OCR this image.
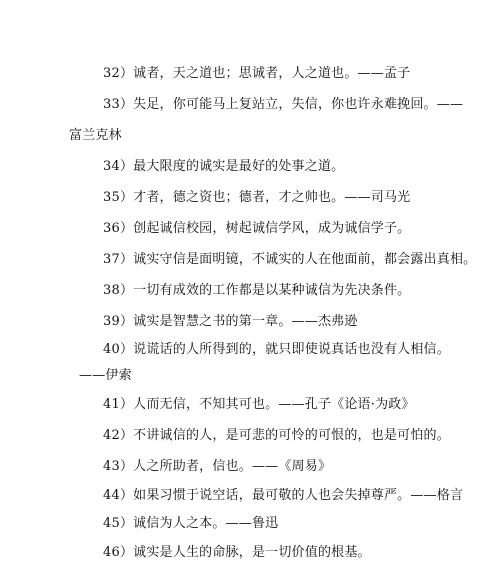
32）诚者，天之道也；思诚者，人之道也。——孟子
33）失足，你可能马上复站立，失信，你也许永难挽回。——
富兰克林
34）最大限度的诚实是最好的处事之道。
35）才者，德之资也；德者，才之帅也。——司马光
36）创起诚信校园，树起诚信学风，成为诚信学子。
37）诚实守信是面明镜，不诚实的人在他面前，都会露出真相。
38）一切有成效的工作都是以某种诚信为先决条件。
39）诚实是智慧之书的第一章。——杰弗逊
40）说谎话的人所得到的，就只即使说真话也没有人相信。
——伊索
41）人而无信，不知其可也。——孔子《论语·为政》
42）不讲诚信的人，是可悲的可怜的可恨的，也是可怕的。
43）人之所助者，信也。——《周易》
44）如果习惯于说空话，最可敬的人也会失掉尊严。——格言
45）诚信为人之本。——鲁迅
46）诚实是人生的命脉，是一切价值的根基。
